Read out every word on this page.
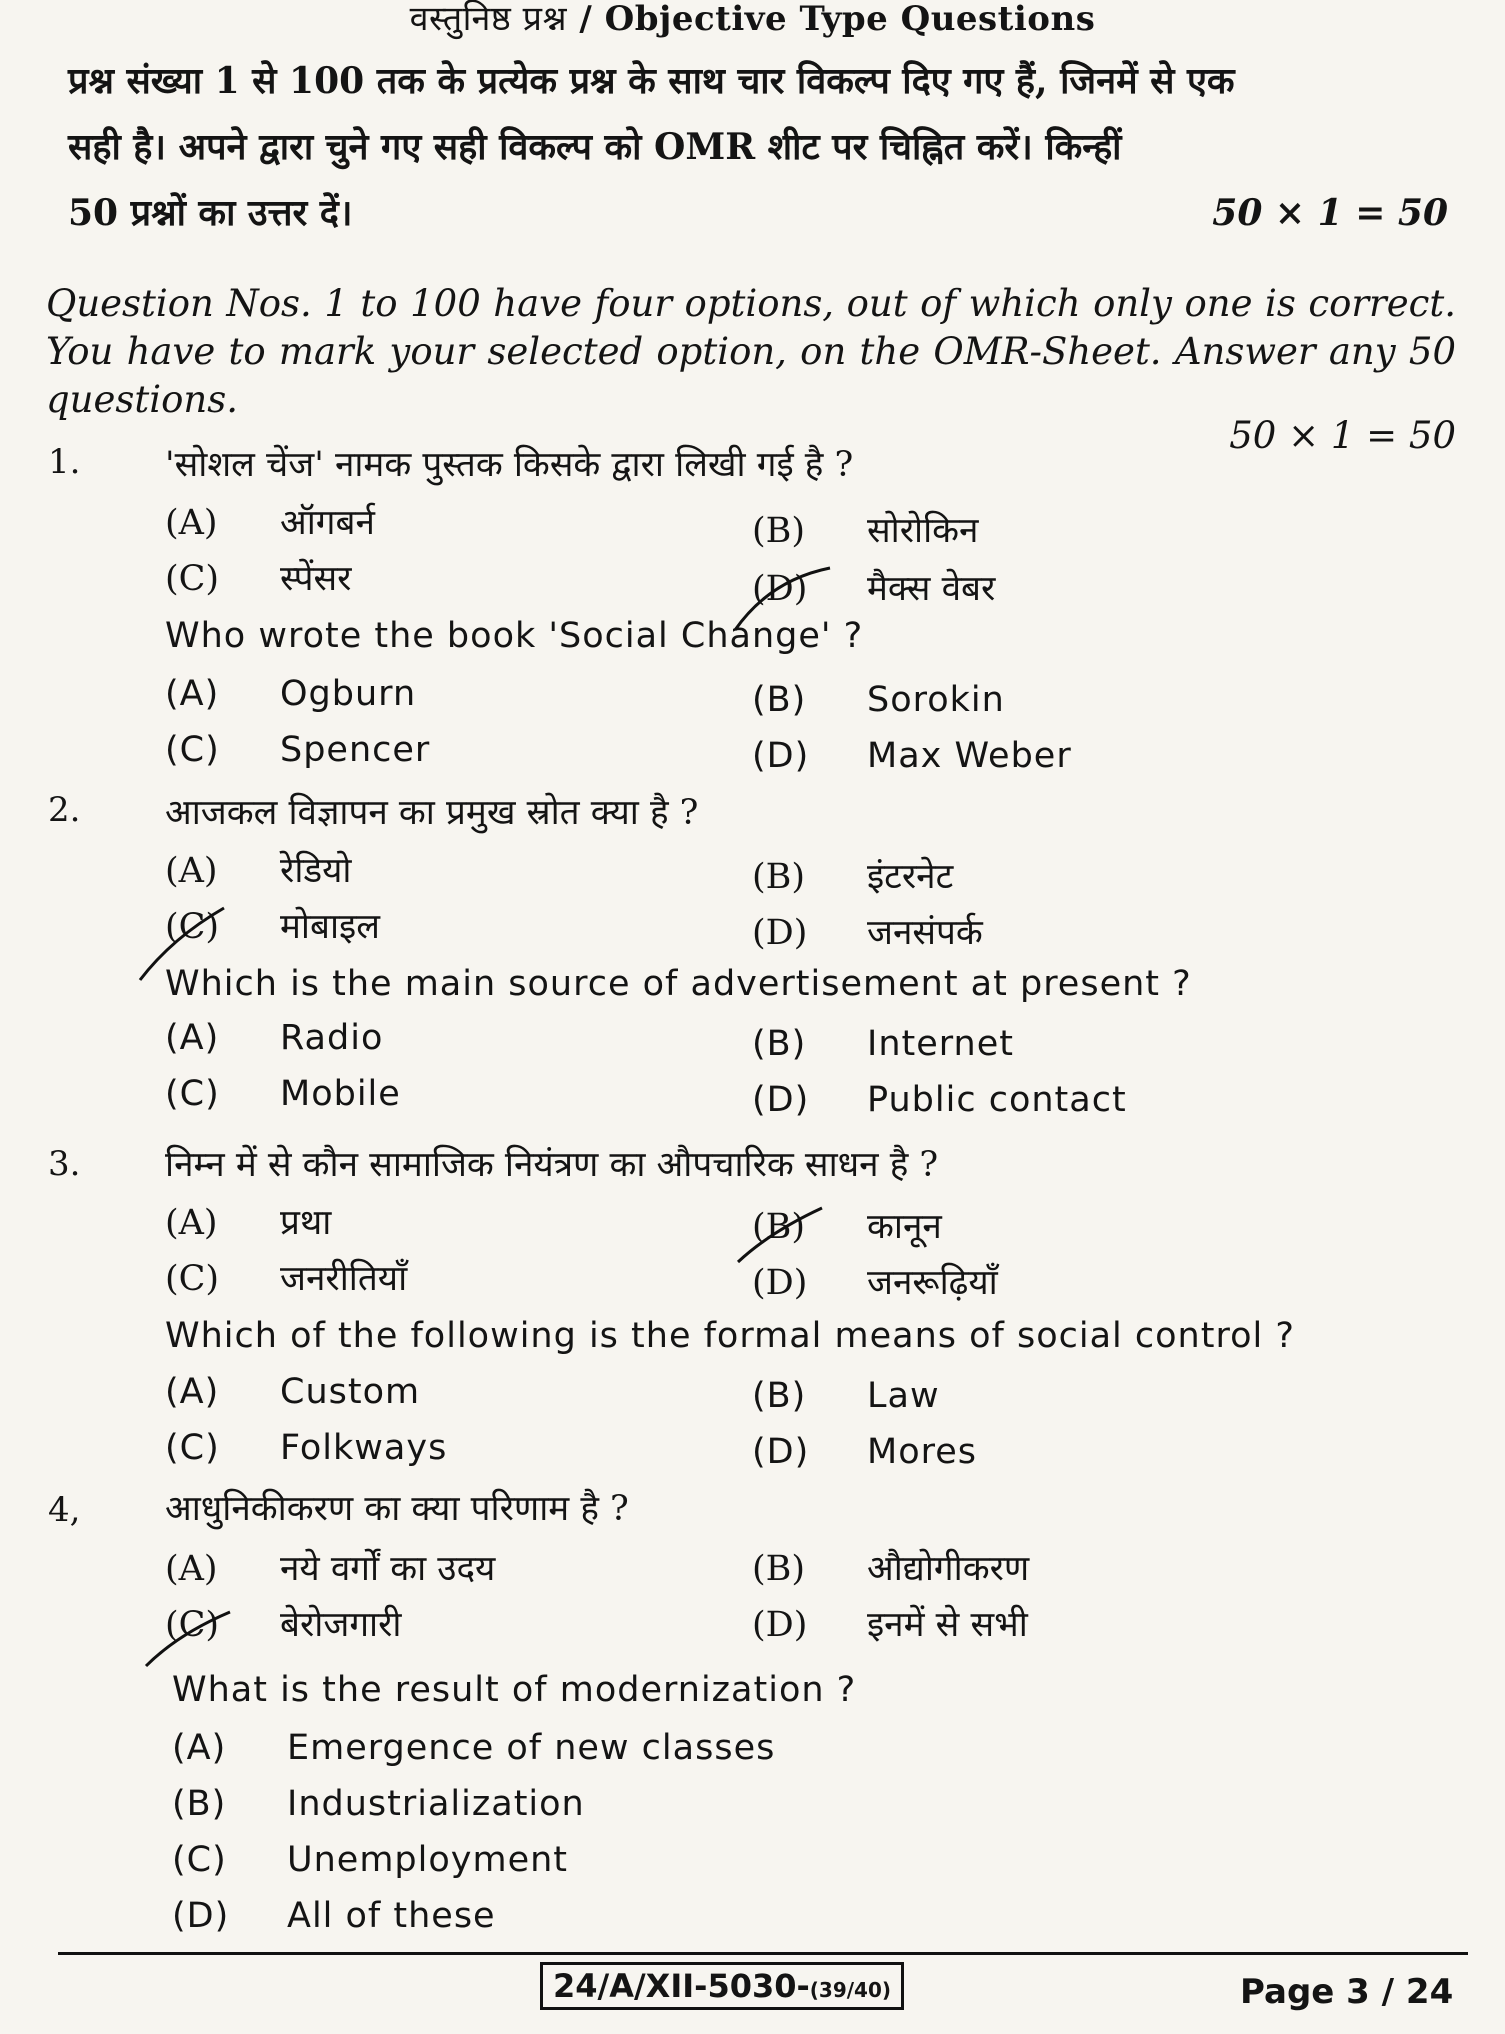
वस्तुनिष्ठ प्रश्न / Objective Type Questions
प्रश्न संख्या 1 से 100 तक के प्रत्येक प्रश्न के साथ चार विकल्प दिए गए हैं, जिनमें से एक
सही है। अपने द्वारा चुने गए सही विकल्प को OMR शीट पर चिह्नित करें। किन्हीं
50 प्रश्नों का उत्तर दें।	50 × 1 = 50
Question Nos. 1 to 100 have four options, out of which only one is correct. You have to mark your selected option, on the OMR-Sheet. Answer any 50 questions.
50 × 1 = 50
1. 'सोशल चेंज' नामक पुस्तक किसके द्वारा लिखी गई है ?
(A) ऑगबर्न	(B) सोरोकिन
(C) स्पेंसर	(D) मैक्स वेबर
Who wrote the book 'Social Change' ?
(A) Ogburn	(B) Sorokin
(C) Spencer	(D) Max Weber
2. आजकल विज्ञापन का प्रमुख स्रोत क्या है ?
(A) रेडियो	(B) इंटरनेट
(C) मोबाइल	(D) जनसंपर्क
Which is the main source of advertisement at present ?
(A) Radio	(B) Internet
(C) Mobile	(D) Public contact
3. निम्न में से कौन सामाजिक नियंत्रण का औपचारिक साधन है ?
(A) प्रथा	(B) कानून
(C) जनरीतियाँ	(D) जनरूढ़ियाँ
Which of the following is the formal means of social control ?
(A) Custom	(B) Law
(C) Folkways	(D) Mores
4, आधुनिकीकरण का क्या परिणाम है ?
(A) नये वर्गों का उदय	(B) औद्योगीकरण
(C) बेरोजगारी	(D) इनमें से सभी
What is the result of modernization ?
(A) Emergence of new classes
(B) Industrialization
(C) Unemployment
(D) All of these
24/A/XII-5030-(39/40)	Page 3 / 24
